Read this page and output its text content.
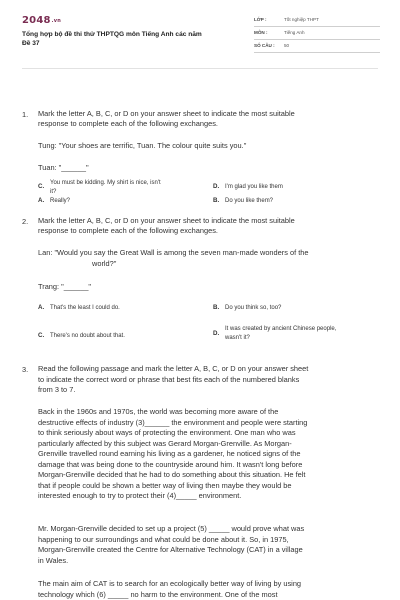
$2048^{.vn}$
Tổng hợp bộ đề thi thử THPTQG môn Tiếng Anh các năm
Đề 37
LỚP :	Tốt nghiệp THPT
MÔN :	Tiếng Anh
SỐ CÂU : 50
1. Mark the letter A, B, C, or D on your answer sheet to indicate the most suitable
response to complete each of the following exchanges.
Tung: "Your shoes are terrific, Tuan. The colour quite suits you."
Tuan: "______"
A. Really?	B. Do you like them?
C. You must be kidding. My shirt is nice, isn't
it?
D. I'm glad you like them
2. Mark the letter A, B, C, or D on your answer sheet to indicate the most suitable
response to complete each of the following exchanges.
Lan: "Would you say the Great Wall is among the seven man-made wonders of the
world?"
Trang: "______"
A. That's the least I could do.	B. Do you think so, too?
C. There's no doubt about that.	D.
It was created by ancient Chinese people,
wasn't it?
3. Read the following passage and mark the letter A, B, C, or D on your answer sheet
to indicate the correct word or phrase that best fits each of the numbered blanks
from 3 to 7.
Back in the 1960s and 1970s, the world was becoming more aware of the
destructive effects of industry (3)______ the environment and people were starting
to think seriously about ways of protecting the environment. One man who was
particularly affected by this subject was Gerard Morgan-Grenville. As Morgan-
Grenville travelled round earning his living as a gardener, he noticed signs of the
damage that was being done to the countryside around him. It wasn't long before
Morgan-Grenville decided that he had to do something about this situation. He felt
that if people could be shown a better way of living then maybe they would be
interested enough to try to protect their (4)_____ environment.
Mr. Morgan-Grenville decided to set up a project (5) _____ would prove what was
happening to our surroundings and what could be done about it. So, in 1975,
Morgan-Grenville created the Centre for Alternative Technology (CAT) in a village
in Wales.
The main aim of CAT is to search for an ecologically better way of living by using
technology which (6) _____ no harm to the environment. One of the most
